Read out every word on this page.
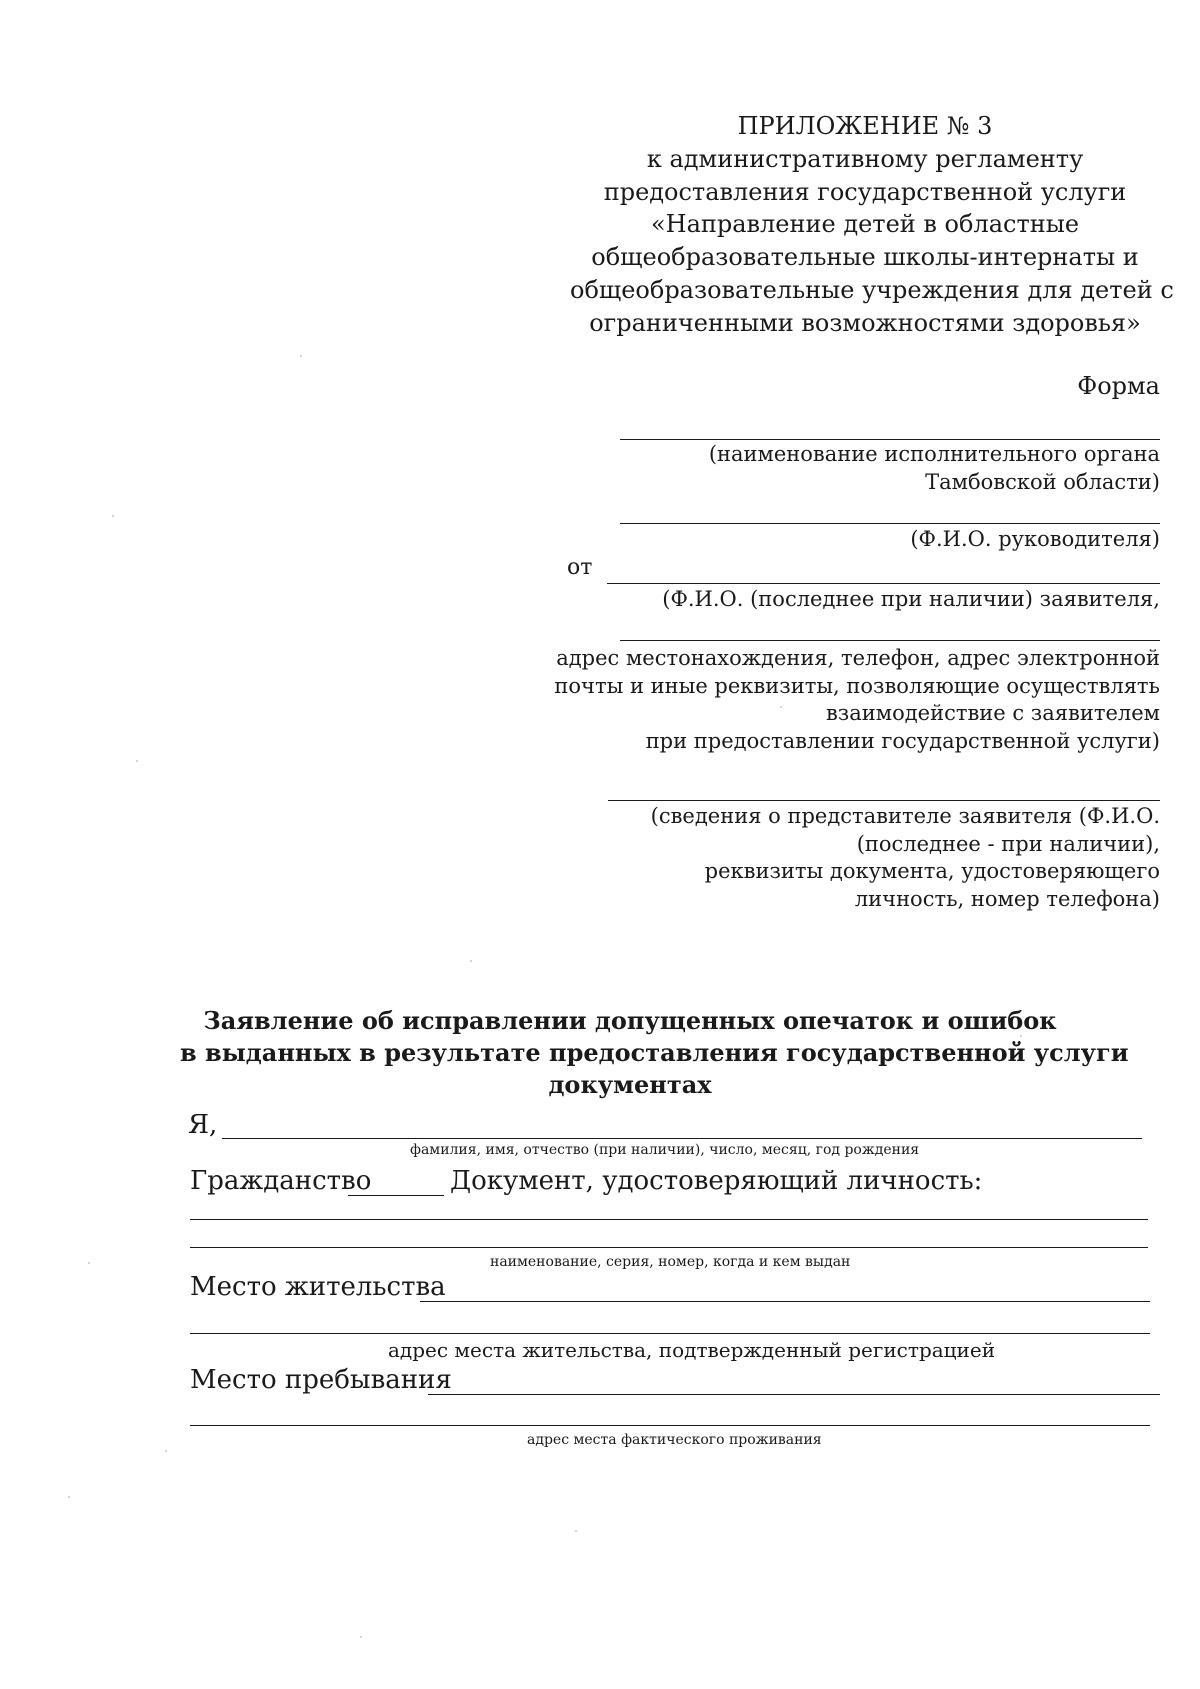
ПРИЛОЖЕНИЕ № 3
к административному регламенту
предоставления государственной услуги
«Направление детей в областные
общеобразовательные школы-интернаты и
общеобразовательные учреждения для детей с
ограниченными возможностями здоровья»
Форма
(наименование исполнительного органа
Тамбовской области)
(Ф.И.О. руководителя)
от
(Ф.И.О. (последнее при наличии) заявителя,
адрес местонахождения, телефон, адрес электронной
почты и иные реквизиты, позволяющие осуществлять
взаимодействие с заявителем
при предоставлении государственной услуги)
(сведения о представителе заявителя (Ф.И.О.
(последнее - при наличии),
реквизиты документа, удостоверяющего
личность, номер телефона)
Заявление об исправлении допущенных опечаток и ошибок
в выданных в результате предоставления государственной услуги
документах
Я,
фамилия, имя, отчество (при наличии), число, месяц, год рождения
Гражданство	Документ, удостоверяющий личность:
наименование, серия, номер, когда и кем выдан
Место жительства
адрес места жительства, подтвержденный регистрацией
Место пребывания
адрес места фактического проживания
